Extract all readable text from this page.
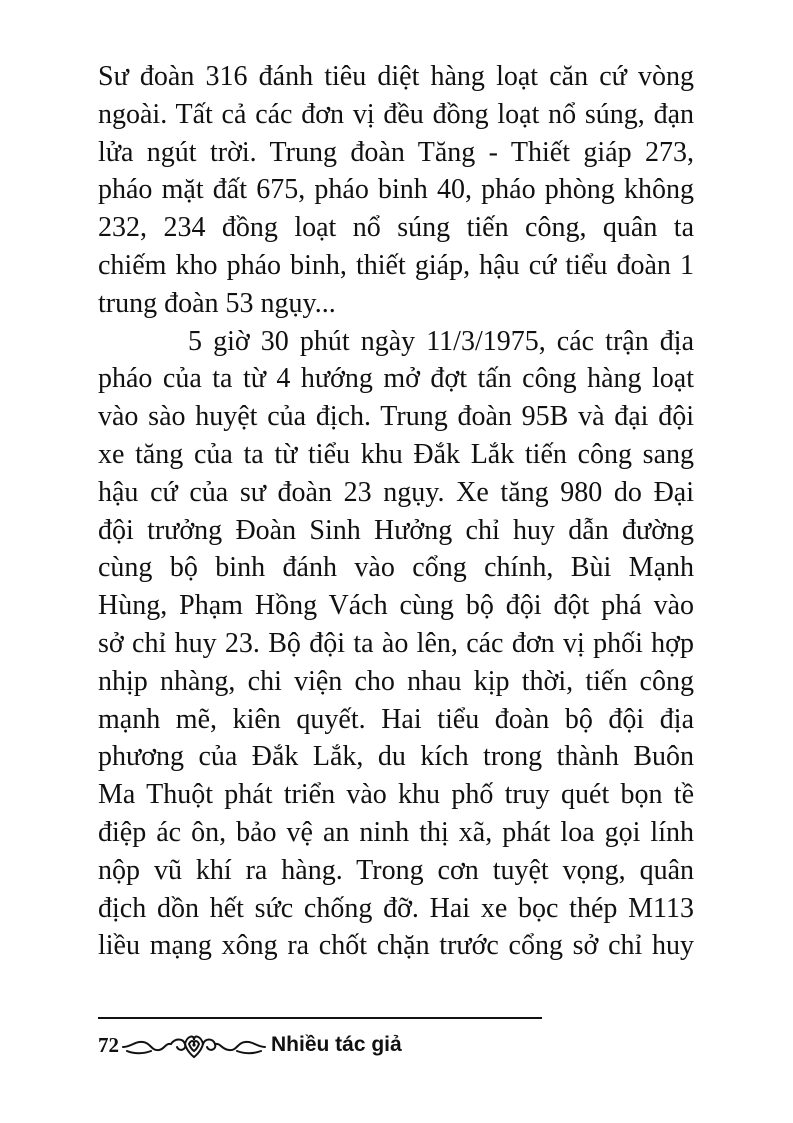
Sư đoàn 316 đánh tiêu diệt hàng loạt căn cứ vòng
ngoài. Tất cả các đơn vị đều đồng loạt nổ súng, đạn
lửa ngút trời. Trung đoàn Tăng - Thiết giáp 273,
pháo mặt đất 675, pháo binh 40, pháo phòng không
232, 234 đồng loạt nổ súng tiến công, quân ta
chiếm kho pháo binh, thiết giáp, hậu cứ tiểu đoàn 1
trung đoàn 53 ngụy...
5 giờ 30 phút ngày 11/3/1975, các trận địa
pháo của ta từ 4 hướng mở đợt tấn công hàng loạt
vào sào huyệt của địch. Trung đoàn 95B và đại đội
xe tăng của ta từ tiểu khu Đắk Lắk tiến công sang
hậu cứ của sư đoàn 23 ngụy. Xe tăng 980 do Đại
đội trưởng Đoàn Sinh Hưởng chỉ huy dẫn đường
cùng bộ binh đánh vào cổng chính, Bùi Mạnh
Hùng, Phạm Hồng Vách cùng bộ đội đột phá vào
sở chỉ huy 23. Bộ đội ta ào lên, các đơn vị phối hợp
nhịp nhàng, chi viện cho nhau kịp thời, tiến công
mạnh mẽ, kiên quyết. Hai tiểu đoàn bộ đội địa
phương của Đắk Lắk, du kích trong thành Buôn
Ma Thuột phát triển vào khu phố truy quét bọn tề
điệp ác ôn, bảo vệ an ninh thị xã, phát loa gọi lính
nộp vũ khí ra hàng. Trong cơn tuyệt vọng, quân
địch dồn hết sức chống đỡ. Hai xe bọc thép M113
liều mạng xông ra chốt chặn trước cổng sở chỉ huy
72	Nhiều tác giả
